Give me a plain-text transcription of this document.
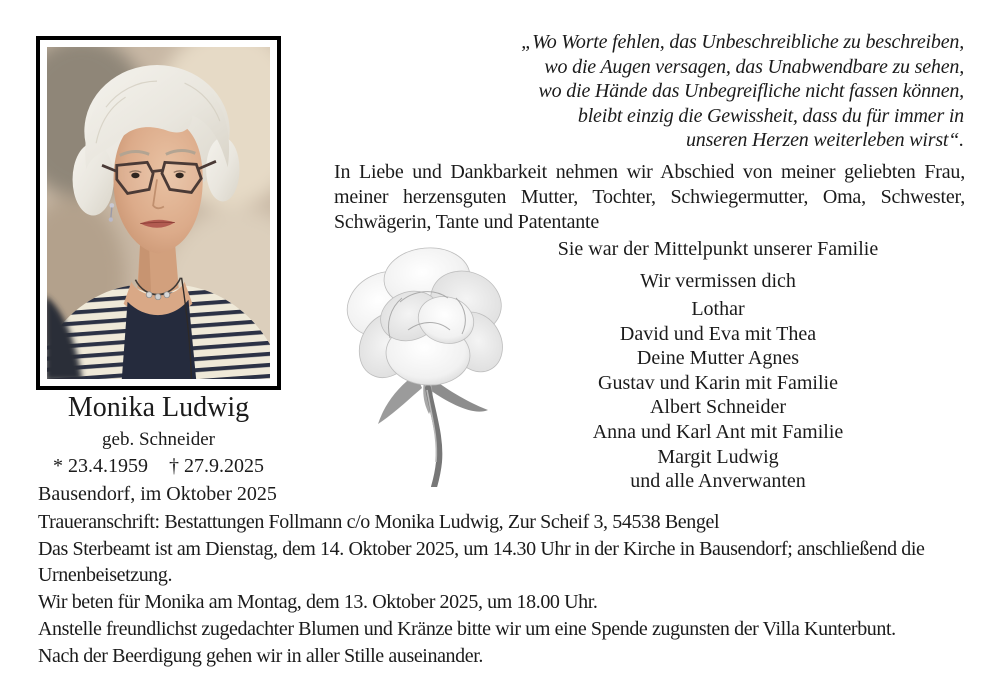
Monika Ludwig
geb. Schneider
* 23.4.1959 † 27.9.2025
„Wo Worte fehlen, das Unbeschreibliche zu beschreiben,
wo die Augen versagen, das Unabwendbare zu sehen,
wo die Hände das Unbegreifliche nicht fassen können,
bleibt einzig die Gewissheit, dass du für immer in
unseren Herzen weiterleben wirst“.
In Liebe und Dankbarkeit nehmen wir Abschied von meiner geliebten Frau, meiner herzensguten Mutter, Tochter, Schwiegermutter, Oma, Schwester, Schwägerin, Tante und Patentante
Sie war der Mittelpunkt unserer Familie
Wir vermissen dich
Lothar
David und Eva mit Thea
Deine Mutter Agnes
Gustav und Karin mit Familie
Albert Schneider
Anna und Karl Ant mit Familie
Margit Ludwig
und alle Anverwanten
Bausendorf, im Oktober 2025
Traueranschrift: Bestattungen Follmann c/o Monika Ludwig, Zur Scheif 3, 54538 Bengel
Das Sterbeamt ist am Dienstag, dem 14. Oktober 2025, um 14.30 Uhr in der Kirche in Bausendorf; anschließend die Urnenbeisetzung.
Wir beten für Monika am Montag, dem 13. Oktober 2025, um 18.00 Uhr.
Anstelle freundlichst zugedachter Blumen und Kränze bitte wir um eine Spende zugunsten der Villa Kunterbunt.
Nach der Beerdigung gehen wir in aller Stille auseinander.
